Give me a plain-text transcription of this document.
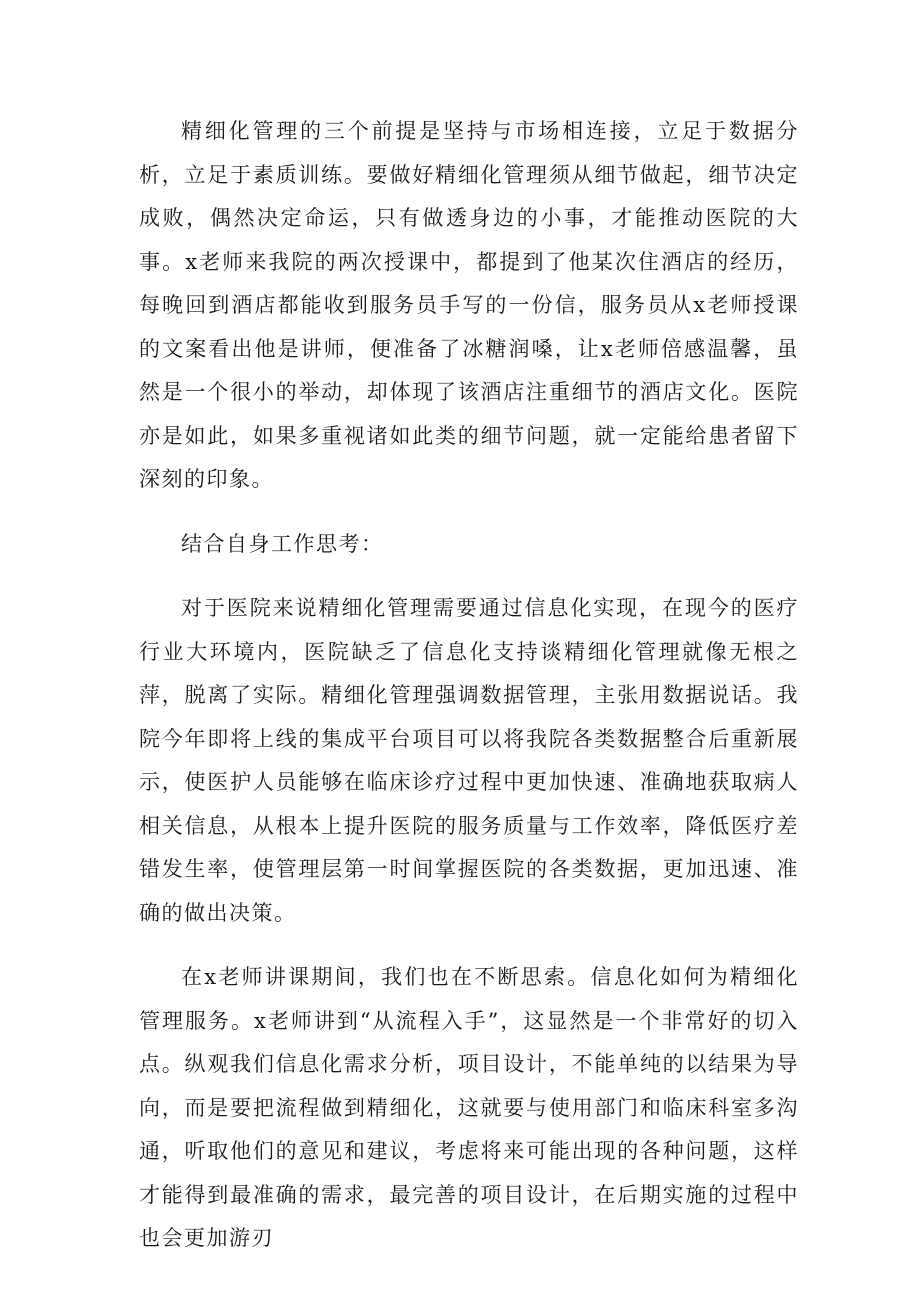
精细化管理的三个前提是坚持与市场相连接，立足于数据分析，立足于素质训练。要做好精细化管理须从细节做起，细节决定成败，偶然决定命运，只有做透身边的小事，才能推动医院的大事。x老师来我院的两次授课中，都提到了他某次住酒店的经历，每晚回到酒店都能收到服务员手写的一份信，服务员从x老师授课的文案看出他是讲师，便准备了冰糖润嗓，让x老师倍感温馨，虽然是一个很小的举动，却体现了该酒店注重细节的酒店文化。医院亦是如此，如果多重视诸如此类的细节问题，就一定能给患者留下深刻的印象。

结合自身工作思考：

对于医院来说精细化管理需要通过信息化实现，在现今的医疗行业大环境内，医院缺乏了信息化支持谈精细化管理就像无根之萍，脱离了实际。精细化管理强调数据管理，主张用数据说话。我院今年即将上线的集成平台项目可以将我院各类数据整合后重新展示，使医护人员能够在临床诊疗过程中更加快速、准确地获取病人相关信息，从根本上提升医院的服务质量与工作效率，降低医疗差错发生率，使管理层第一时间掌握医院的各类数据，更加迅速、准确的做出决策。

在x老师讲课期间，我们也在不断思索。信息化如何为精细化管理服务。x老师讲到“从流程入手”，这显然是一个非常好的切入点。纵观我们信息化需求分析，项目设计，不能单纯的以结果为导向，而是要把流程做到精细化，这就要与使用部门和临床科室多沟通，听取他们的意见和建议，考虑将来可能出现的各种问题，这样才能得到最准确的需求，最完善的项目设计，在后期实施的过程中也会更加游刃
